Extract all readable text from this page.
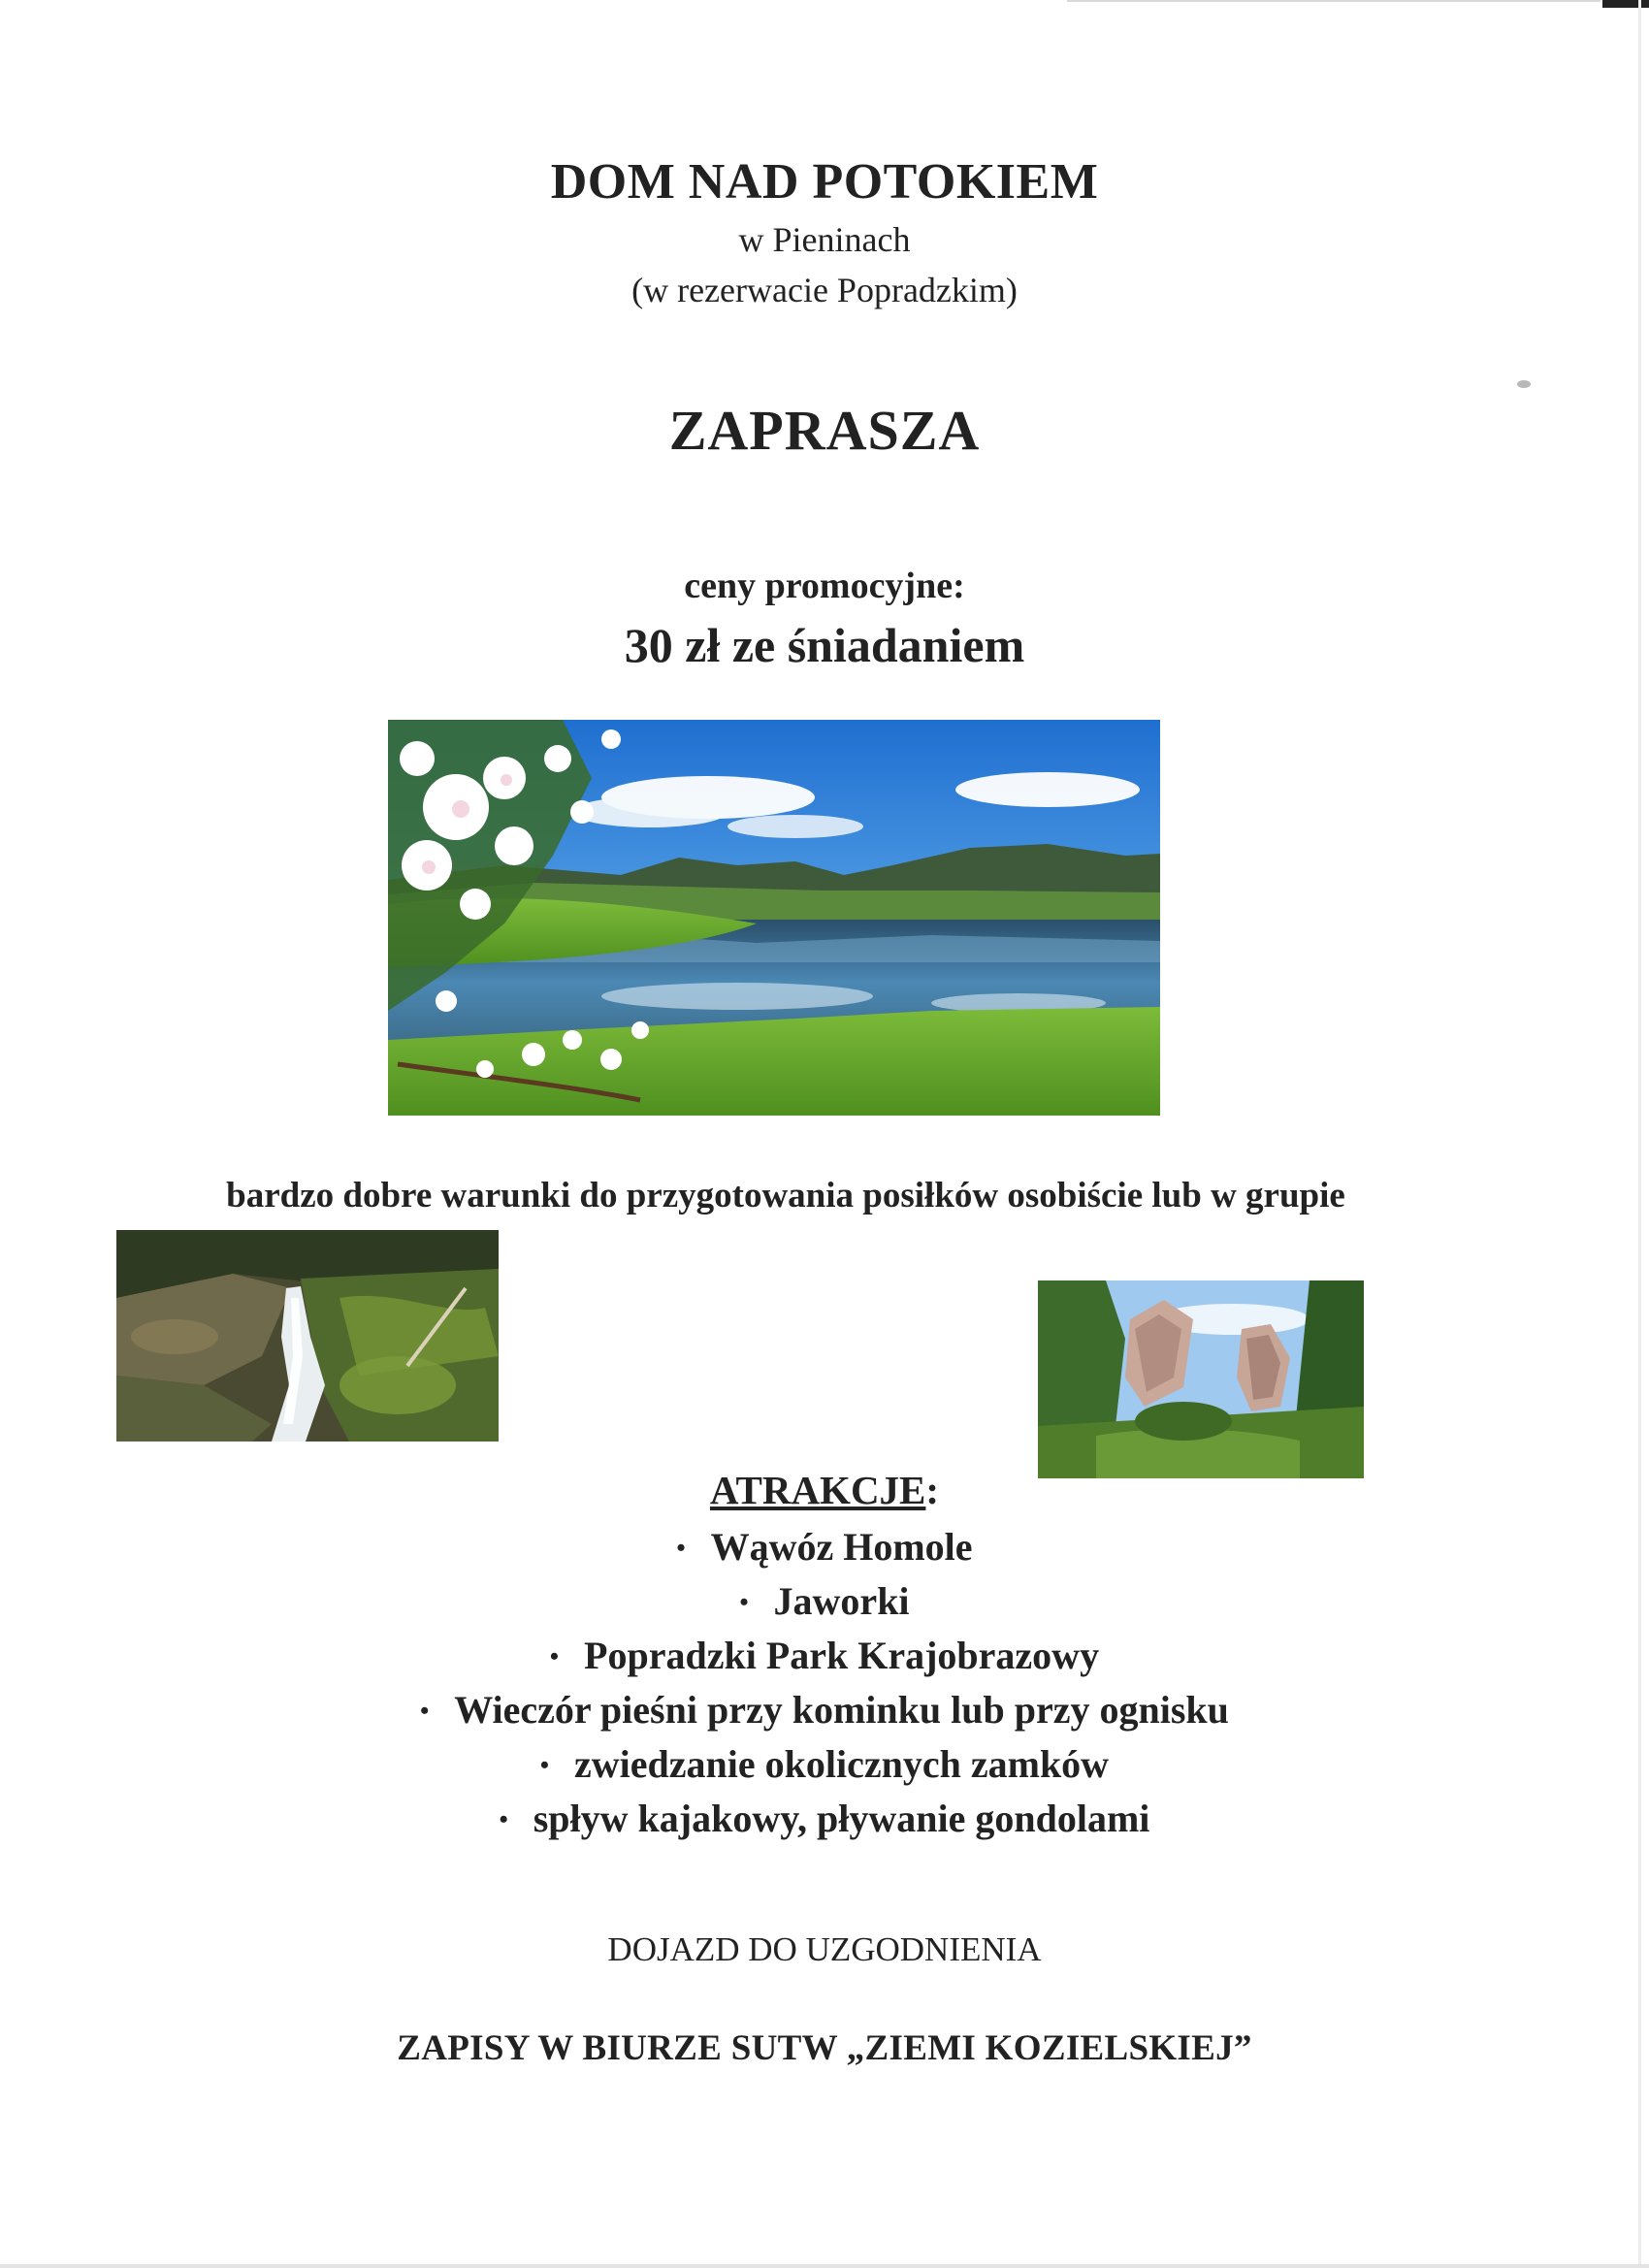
DOM NAD POTOKIEM
w Pieninach
(w rezerwacie Popradzkim)
ZAPRASZA
ceny promocyjne:
30 zł ze śniadaniem
bardzo dobre warunki do przygotowania posiłków osobiście lub w grupie
ATRAKCJE:
• Wąwóz Homole
• Jaworki
• Popradzki Park Krajobrazowy
• Wieczór pieśni przy kominku lub przy ognisku
• zwiedzanie okolicznych zamków
• spływ kajakowy, pływanie gondolami
DOJAZD DO UZGODNIENIA
ZAPISY W BIURZE SUTW „ZIEMI KOZIELSKIEJ”
